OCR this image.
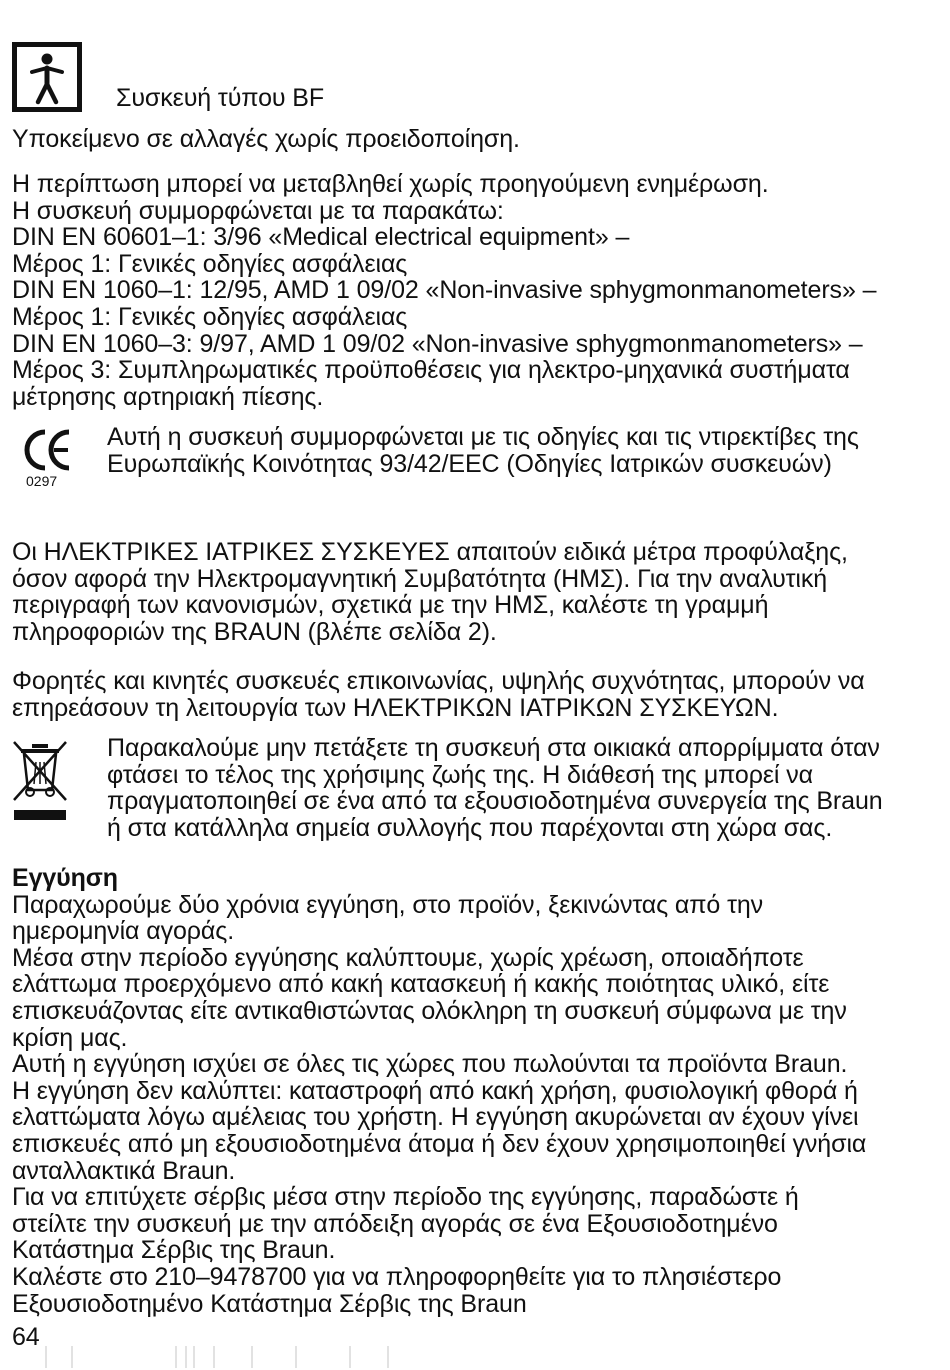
Συσκευή τύπου BF
Υποκείμενο σε αλλαγές χωρίς προειδοποίηση.
Η περίπτωση μπορεί να μεταβληθεί χωρίς προηγούμενη ενημέρωση.
Η συσκευή συμμορφώνεται με τα παρακάτω:
DIN EN 60601–1: 3/96 «Medical electrical equipment» –
Μέρος 1: Γενικές οδηγίες ασφάλειας
DIN EN 1060–1: 12/95, AMD 1 09/02 «Non-invasive sphygmonmanometers» –
Μέρος 1: Γενικές οδηγίες ασφάλειας
DIN EN 1060–3: 9/97, AMD 1 09/02 «Non-invasive sphygmonmanometers» –
Μέρος 3: Συμπληρωματικές προϋποθέσεις για ηλεκτρο-μηχανικά συστήματα
μέτρησης αρτηριακή πίεσης.
0297
Αυτή η συσκευή συμμορφώνεται με τις οδηγίες και τις ντιρεκτίβες της
Ευρωπαϊκής Κοινότητας 93/42/EEC (Οδηγίες Ιατρικών συσκευών)
Οι ΗΛΕΚΤΡΙΚΕΣ ΙΑΤΡΙΚΕΣ ΣΥΣΚΕΥΕΣ απαιτούν ειδικά μέτρα προφύλαξης,
όσον αφορά την Ηλεκτρομαγνητική Συμβατότητα (ΗΜΣ). Για την αναλυτική
περιγραφή των κανονισμών, σχετικά με την ΗΜΣ, καλέστε τη γραμμή
πληροφοριών της BRAUN (βλέπε σελίδα 2).
Φορητές και κινητές συσκευές επικοινωνίας, υψηλής συχνότητας, μπορούν να
επηρεάσουν τη λειτουργία των ΗΛΕΚΤΡΙΚΩΝ ΙΑΤΡΙΚΩΝ ΣΥΣΚΕΥΩΝ.
Παρακαλούμε μην πετάξετε τη συσκευή στα οικιακά απορρίμματα όταν
φτάσει το τέλος της χρήσιμης ζωής της. Η διάθεσή της μπορεί να
πραγματοποιηθεί σε ένα από τα εξουσιοδοτημένα συνεργεία της Braun
ή στα κατάλληλα σημεία συλλογής που παρέχονται στη χώρα σας.
Εγγύηση
Παραχωρούμε δύο χρόνια εγγύηση, στο προϊόν, ξεκινώντας από την
ημερομηνία αγοράς.
Μέσα στην περίοδο εγγύησης καλύπτουμε, χωρίς χρέωση, οποιαδήποτε
ελάττωμα προερχόμενο από κακή κατασκευή ή κακής ποιότητας υλικό, είτε
επισκευάζοντας είτε αντικαθιστώντας ολόκληρη τη συσκευή σύμφωνα με την
κρίση μας.
Αυτή η εγγύηση ισχύει σε όλες τις χώρες που πωλούνται τα προϊόντα Braun.
Η εγγύηση δεν καλύπτει: καταστροφή από κακή χρήση, φυσιολογική φθορά ή
ελαττώματα λόγω αμέλειας του χρήστη. Η εγγύηση ακυρώνεται αν έχουν γίνει
επισκευές από μη εξουσιοδοτημένα άτομα ή δεν έχουν χρησιμοποιηθεί γνήσια
ανταλλακτικά Braun.
Για να επιτύχετε σέρβις μέσα στην περίοδο της εγγύησης, παραδώστε ή
στείλτε την συσκευή με την απόδειξη αγοράς σε ένα Εξουσιοδοτημένο
Κατάστημα Σέρβις της Braun.
Καλέστε στο 210–9478700 για να πληροφορηθείτε για το πλησιέστερο
Εξουσιοδοτημένο Κατάστημα Σέρβις της Braun
64
